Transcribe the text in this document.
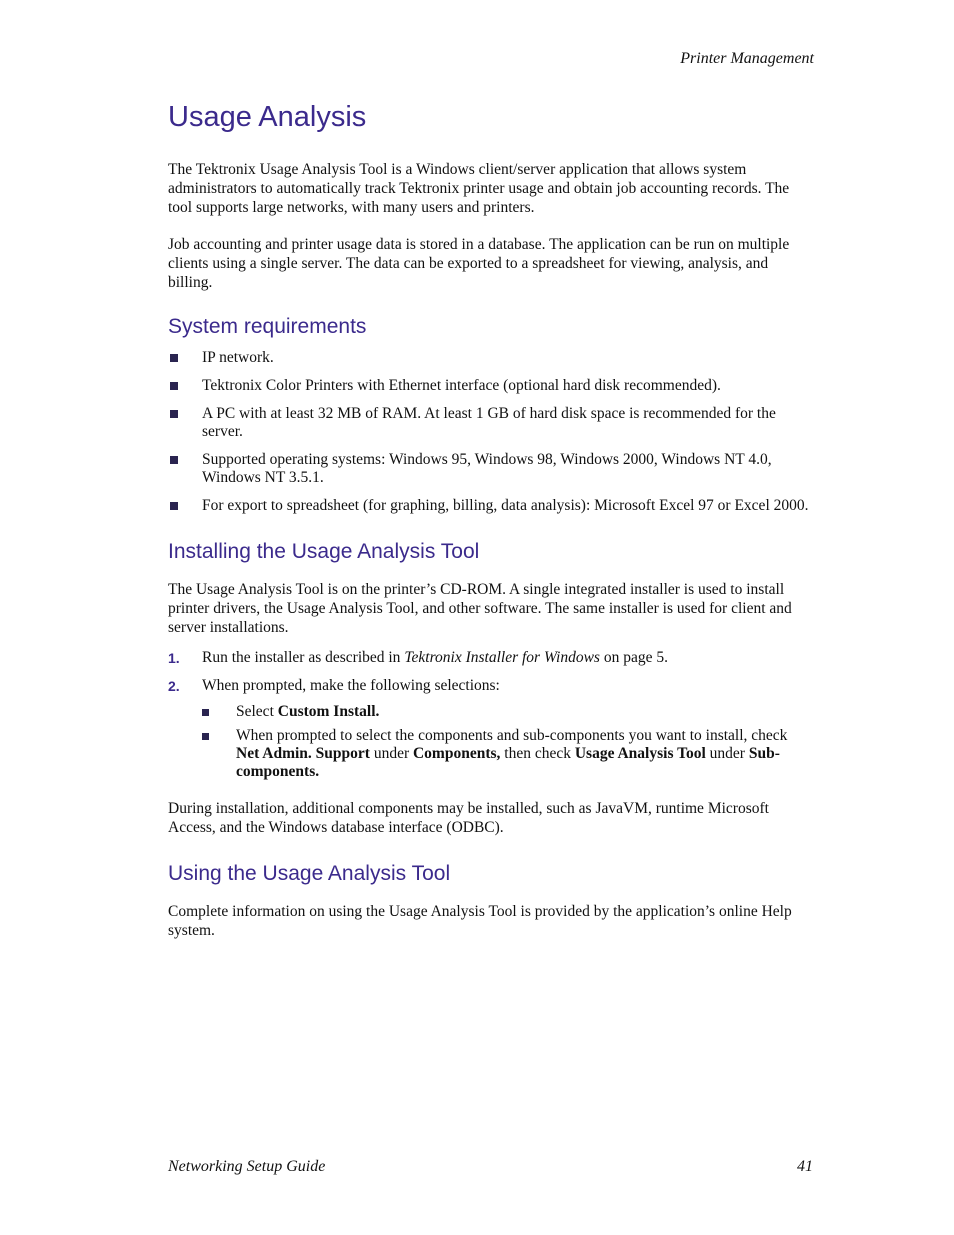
Printer Management
Usage Analysis

The Tektronix Usage Analysis Tool is a Windows client/server application that allows system administrators to automatically track Tektronix printer usage and obtain job accounting records. The tool supports large networks, with many users and printers.

Job accounting and printer usage data is stored in a database. The application can be run on multiple clients using a single server. The data can be exported to a spreadsheet for viewing, analysis, and billing.

System requirements
IP network.
Tektronix Color Printers with Ethernet interface (optional hard disk recommended).
A PC with at least 32 MB of RAM. At least 1 GB of hard disk space is recommended for the server.
Supported operating systems: Windows 95, Windows 98, Windows 2000, Windows NT 4.0, Windows NT 3.5.1.
For export to spreadsheet (for graphing, billing, data analysis): Microsoft Excel 97 or Excel 2000.
Installing the Usage Analysis Tool

The Usage Analysis Tool is on the printer’s CD-ROM. A single integrated installer is used to install printer drivers, the Usage Analysis Tool, and other software. The same installer is used for client and server installations.

1. Run the installer as described in Tektronix Installer for Windows on page 5.
2. When prompted, make the following selections:
Select Custom Install.
When prompted to select the components and sub-components you want to install, check Net Admin. Support under Components, then check Usage Analysis Tool under Sub-components.

During installation, additional components may be installed, such as JavaVM, runtime Microsoft Access, and the Windows database interface (ODBC).

Using the Usage Analysis Tool

Complete information on using the Usage Analysis Tool is provided by the application’s online Help system.

Networking Setup Guide	41
